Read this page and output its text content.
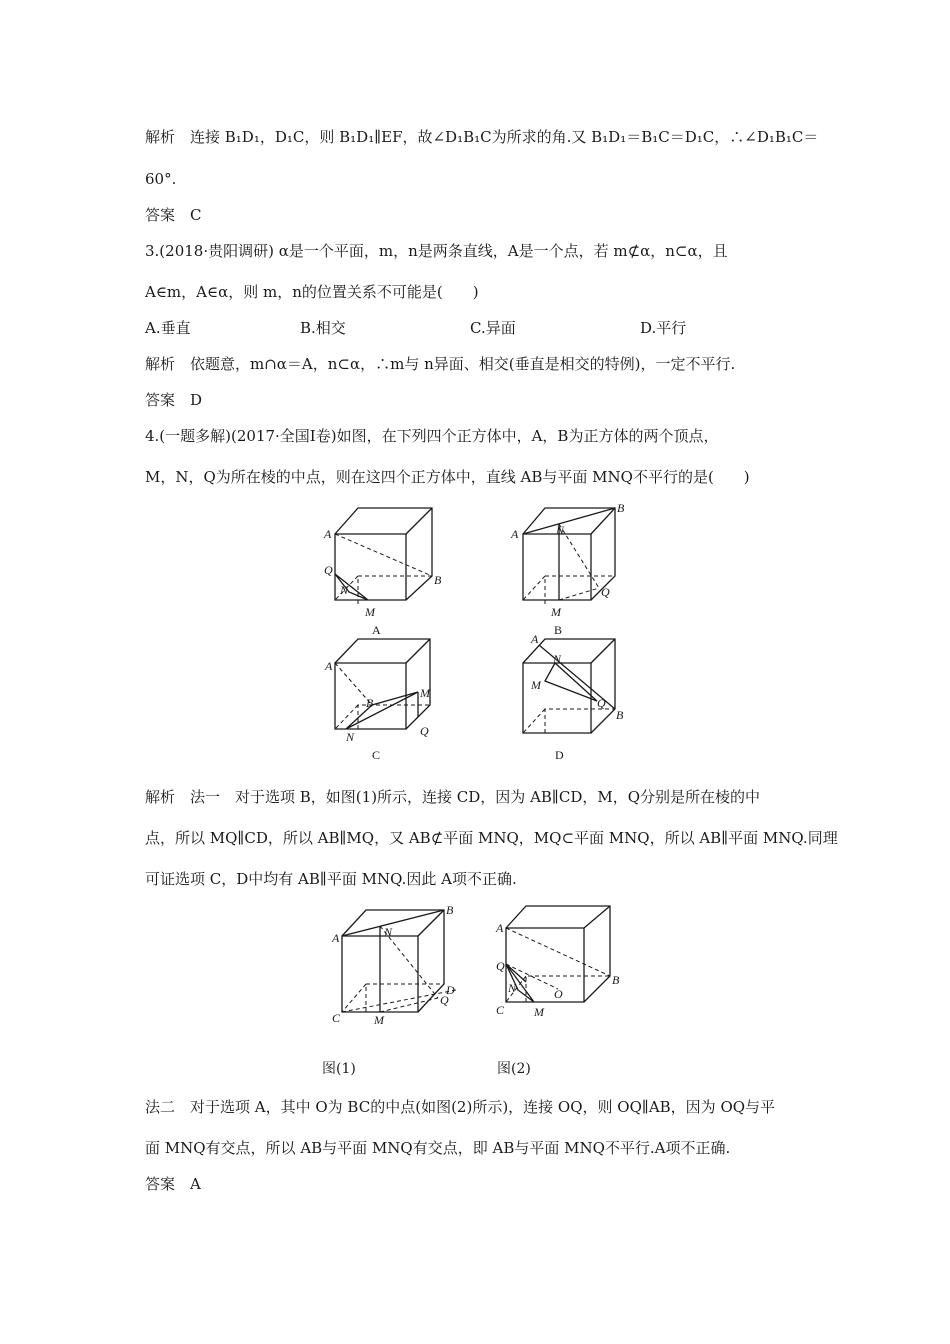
解析　连接 B₁D₁，D₁C，则 B₁D₁∥EF，故∠D₁B₁C为所求的角.又 B₁D₁＝B₁C＝D₁C，∴∠D₁B₁C＝
60°.
答案　C
3.(2018·贵阳调研) α是一个平面，m，n是两条直线，A是一个点，若 m⊄α，n⊂α，且
A∈m，A∈α，则 m，n的位置关系不可能是(　　)
A.垂直	B.相交	C.异面	D.平行
解析　依题意，m∩α＝A，n⊂α，∴m与 n异面、相交(垂直是相交的特例)，一定不平行.
答案　D
4.(一题多解)(2017·全国Ⅰ卷)如图，在下列四个正方体中，A，B为正方体的两个顶点，
M，N，Q为所在棱的中点，则在这四个正方体中，直线 AB与平面 MNQ不平行的是(　　)
A
B
Q
N
M
A
A
B
N
Q
M
B
A
B
M
N	Q
C
A
N
M
Q
B
D
解析　法一　对于选项 B，如图(1)所示，连接 CD，因为 AB∥CD，M，Q分别是所在棱的中
点，所以 MQ∥CD，所以 AB∥MQ，又 AB⊄平面 MNQ，MQ⊂平面 MNQ，所以 AB∥平面 MNQ.同理
可证选项 C，D中均有 AB∥平面 MNQ.因此 A项不正确.
A
B
N
D
Q
C	M
图(1)
A
B
Q
N	O
C M
图(2)
法二　对于选项 A，其中 O为 BC的中点(如图(2)所示)，连接 OQ，则 OQ∥AB，因为 OQ与平
面 MNQ有交点，所以 AB与平面 MNQ有交点，即 AB与平面 MNQ不平行.A项不正确.
答案　A
